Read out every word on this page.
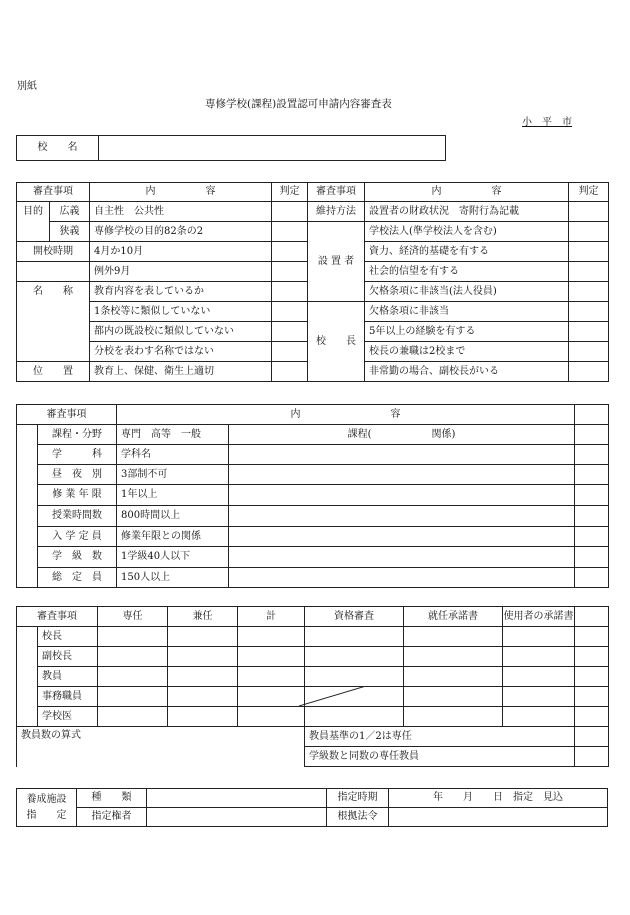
別紙
専修学校(課程)設置認可申請内容審査表
小　平　市
校　　名	
審査事項		内　　　　　容	判定	審査事項	内　　　　　容	判定
目的	広義	自主性　公共性		維持方法	設置者の財政状況　寄附行為記載	
	狭義	専修学校の目的82条の2		設 置 者	学校法人(準学校法人を含む)	
開校時期		4月か10月			資力、経済的基礎を有する	
		例外9月			社会的信望を有する	
名　　称		教育内容を表しているか			欠格条項に非該当(法人役員)	
		1条校等に類似していない		校　　長	欠格条項に非該当	
		都内の既設校に類似していない			5年以上の経験を有する	
		分校を表わす名称ではない			校長の兼職は2校まで	
位　　置		教育上、保健、衛生上適切			非常勤の場合、副校長がいる	
審査事項		内　　　　　　　　　容		
	課程・分野	専門　高等　一般	課程(　　　　　　関係)	
	学　　　科	学科名		
	昼　夜　別	3部制不可		
	修 業 年 限	1年以上		
	授業時間数	800時間以上		
	入 学 定 員	修業年限との関係		
	学　級　数	1学級40人以下		
	総　定　員	150人以上		
審査事項		専任	兼任	計	資格審査	就任承諾書	使用者の承諾書	
	校長							
	副校長							
	教員							
	事務職員							
	学校医							
教員数の算式					教員基準の1／2は専任			
					学級数と同数の専任教員			
養成施設
指　　定	種　　類		指定時期	年　　月　　日　指定　見込
	指定権者		根拠法令	
